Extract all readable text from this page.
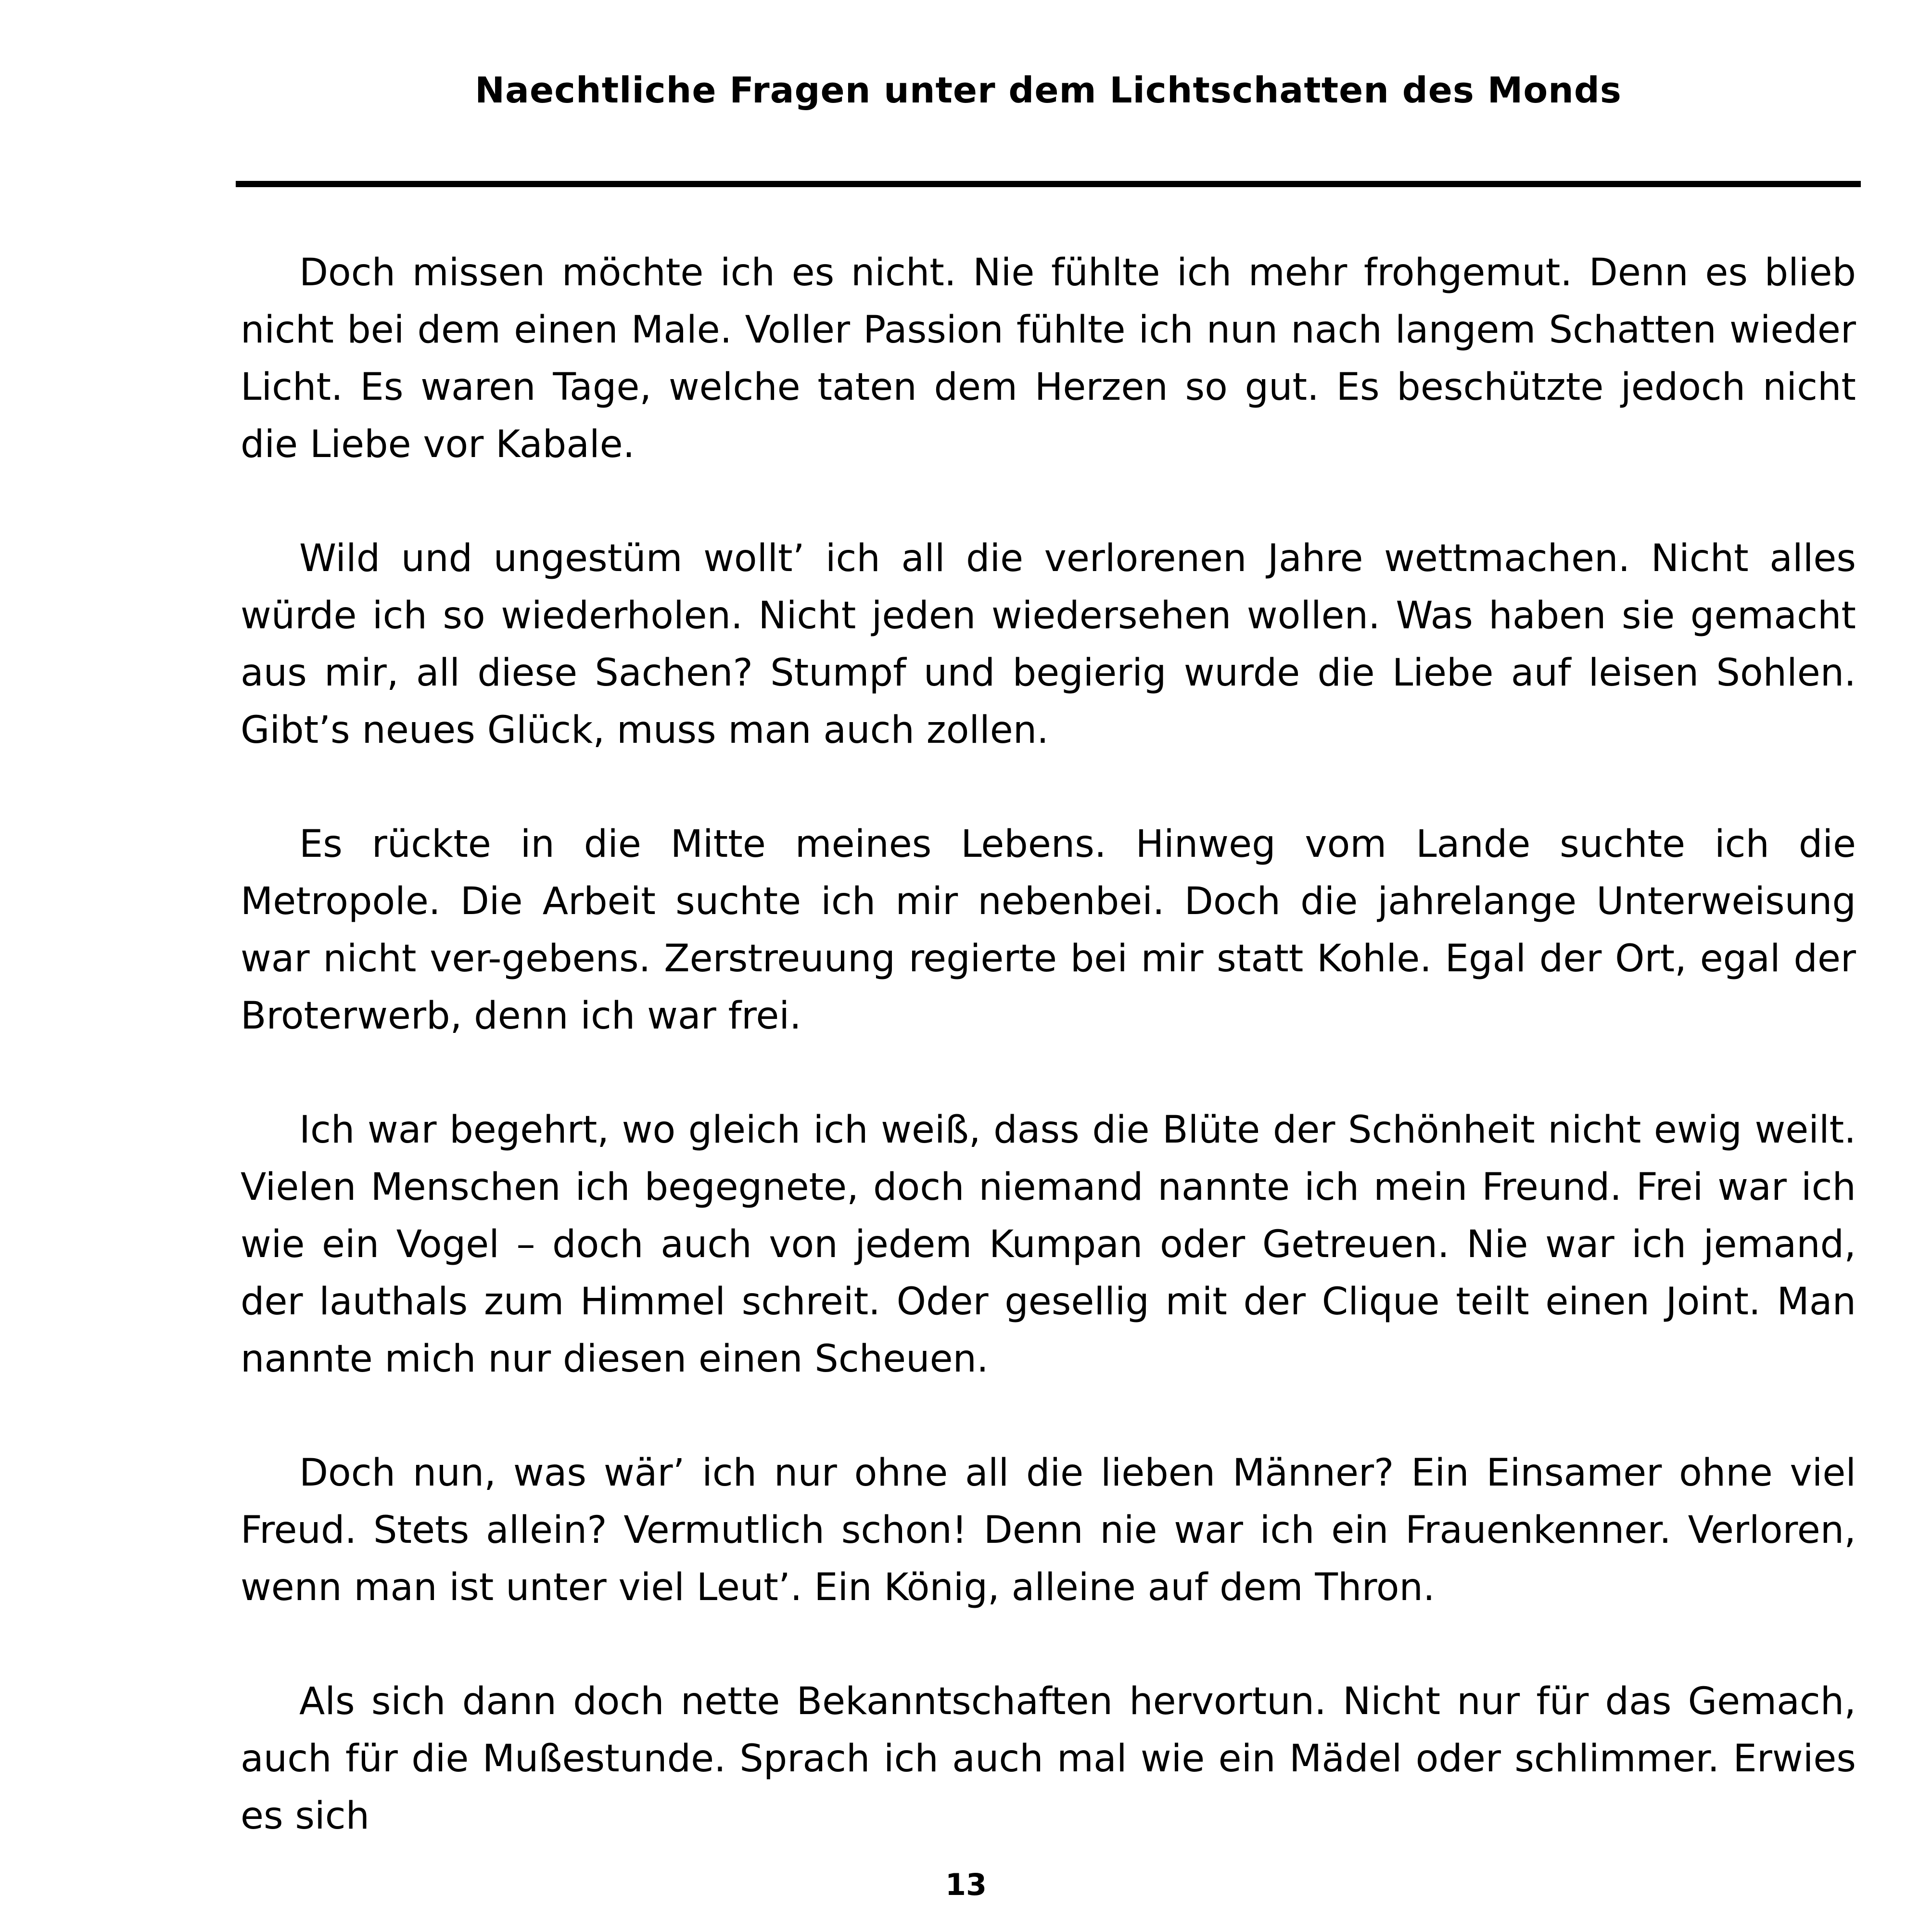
Naechtliche Fragen unter dem Lichtschatten des Monds

Doch missen möchte ich es nicht. Nie fühlte ich mehr frohgemut. Denn es blieb nicht bei dem einen Male. Voller Passion fühlte ich nun nach langem Schatten wieder Licht. Es waren Tage, welche taten dem Herzen so gut. Es beschützte jedoch nicht die Liebe vor Kabale.

Wild und ungestüm wollt’ ich all die verlorenen Jahre wettmachen. Nicht alles würde ich so wiederholen. Nicht jeden wiedersehen wollen. Was haben sie gemacht aus mir, all diese Sachen? Stumpf und begierig wurde die Liebe auf leisen Sohlen. Gibt’s neues Glück, muss man auch zollen.

Es rückte in die Mitte meines Lebens. Hinweg vom Lande suchte ich die Metropole. Die Arbeit suchte ich mir nebenbei. Doch die jahrelange Unterweisung war nicht ver-gebens. Zerstreuung regierte bei mir statt Kohle. Egal der Ort, egal der Broterwerb, denn ich war frei.

Ich war begehrt, wo gleich ich weiß, dass die Blüte der Schönheit nicht ewig weilt. Vielen Menschen ich begegnete, doch niemand nannte ich mein Freund. Frei war ich wie ein Vogel – doch auch von jedem Kumpan oder Getreuen. Nie war ich jemand, der lauthals zum Himmel schreit. Oder gesellig mit der Clique teilt einen Joint. Man nannte mich nur diesen einen Scheuen.

Doch nun, was wär’ ich nur ohne all die lieben Männer? Ein Einsamer ohne viel Freud. Stets allein? Vermutlich schon! Denn nie war ich ein Frauenkenner. Verloren, wenn man ist unter viel Leut’. Ein König, alleine auf dem Thron.

Als sich dann doch nette Bekanntschaften hervortun. Nicht nur für das Gemach, auch für die Mußestunde. Sprach ich auch mal wie ein Mädel oder schlimmer. Erwies es sich

13
